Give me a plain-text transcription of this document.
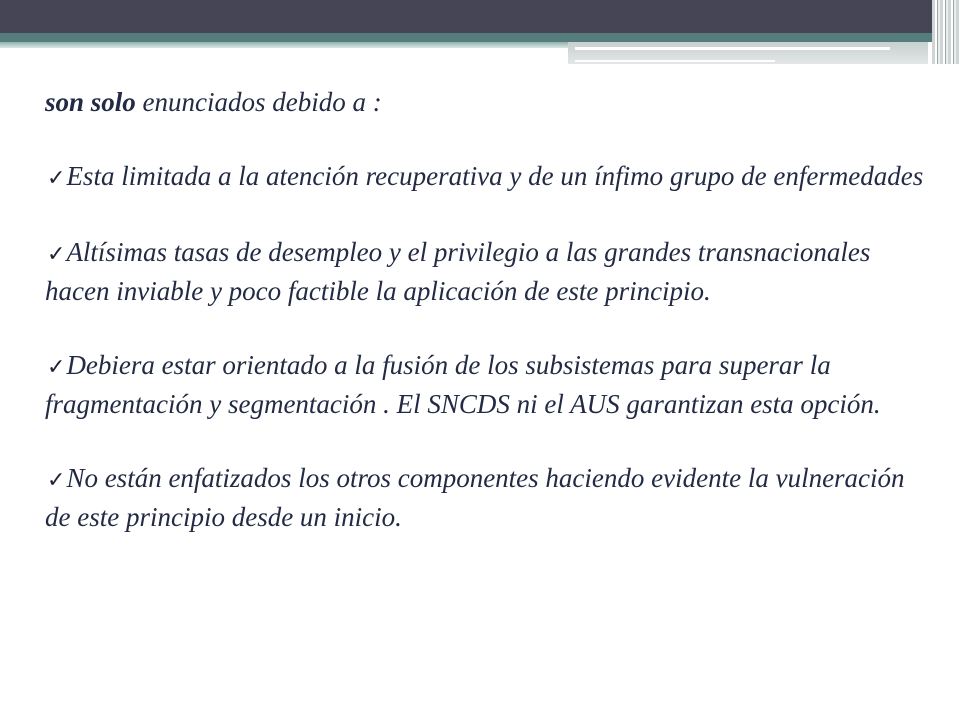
son solo enunciados debido a :

✓Esta limitada a la atención recuperativa y de un ínfimo grupo de enfermedades

✓Altísimas tasas de desempleo y el privilegio a las grandes transnacionales hacen inviable y poco factible la aplicación de este principio.

✓Debiera estar orientado a la fusión de los subsistemas para superar la fragmentación y segmentación . El SNCDS ni el AUS garantizan esta opción.

✓No están enfatizados los otros componentes haciendo evidente la vulneración de este principio desde un inicio.
